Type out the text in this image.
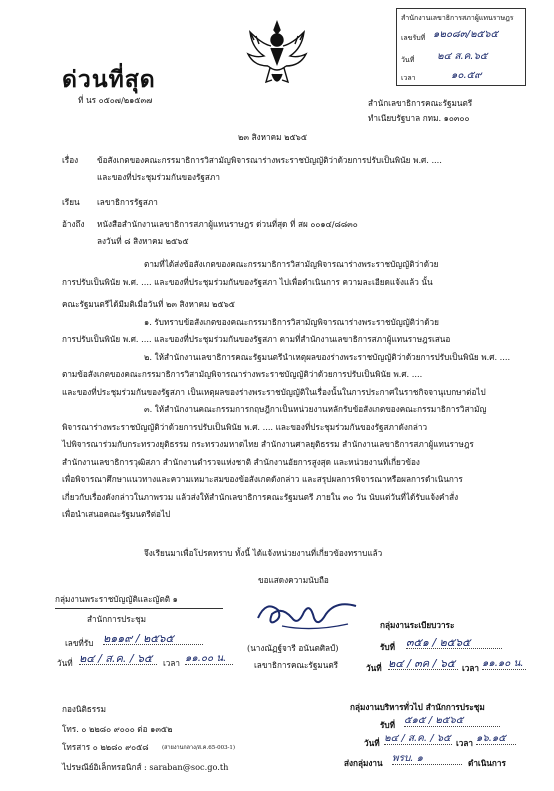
สำนักงานเลขาธิการสภาผู้แทนราษฎร
เลขรับที่ ๑๒๐๘๓/๒๕๖๕
วันที่ ๒๔ ส.ค.๖๕
เวลา	๑๐.๕๙
ด่วนที่สุด
ที่ นร ๐๕๐๗/๒๑๕๓๗	สำนักเลขาธิการคณะรัฐมนตรี
ทำเนียบรัฐบาล กทม. ๑๐๓๐๐
๒๓ สิงหาคม ๒๕๖๕
เรื่อง ข้อสังเกตของคณะกรรมาธิการวิสามัญพิจารณาร่างพระราชบัญญัติว่าด้วยการปรับเป็นพินัย พ.ศ. ....
และของที่ประชุมร่วมกันของรัฐสภา
เรียน เลขาธิการรัฐสภา
อ้างถึง หนังสือสำนักงานเลขาธิการสภาผู้แทนราษฎร ด่วนที่สุด ที่ สผ ๐๐๑๔/๘๘๓๐
ลงวันที่ ๘ สิงหาคม ๒๕๖๕
ตามที่ได้ส่งข้อสังเกตของคณะกรรมาธิการวิสามัญพิจารณาร่างพระราชบัญญัติว่าด้วย
การปรับเป็นพินัย พ.ศ. .... และของที่ประชุมร่วมกันของรัฐสภา ไปเพื่อดำเนินการ ความละเอียดแจ้งแล้ว นั้น
คณะรัฐมนตรีได้มีมติเมื่อวันที่ ๒๓ สิงหาคม ๒๕๖๕
๑. รับทราบข้อสังเกตของคณะกรรมาธิการวิสามัญพิจารณาร่างพระราชบัญญัติว่าด้วย
การปรับเป็นพินัย พ.ศ. .... และของที่ประชุมร่วมกันของรัฐสภา ตามที่สำนักงานเลขาธิการสภาผู้แทนราษฎรเสนอ
๒. ให้สำนักงานเลขาธิการคณะรัฐมนตรีนำเหตุผลของร่างพระราชบัญญัติว่าด้วยการปรับเป็นพินัย พ.ศ. ....
ตามข้อสังเกตของคณะกรรมาธิการวิสามัญพิจารณาร่างพระราชบัญญัติว่าด้วยการปรับเป็นพินัย พ.ศ. ....
และของที่ประชุมร่วมกันของรัฐสภา เป็นเหตุผลของร่างพระราชบัญญัติในเรื่องนั้นในการประกาศในราชกิจจานุเบกษาต่อไป
๓. ให้สำนักงานคณะกรรมการกฤษฎีกาเป็นหน่วยงานหลักรับข้อสังเกตของคณะกรรมาธิการวิสามัญ
พิจารณาร่างพระราชบัญญัติว่าด้วยการปรับเป็นพินัย พ.ศ. .... และของที่ประชุมร่วมกันของรัฐสภาดังกล่าว
ไปพิจารณาร่วมกับกระทรวงยุติธรรม กระทรวงมหาดไทย สำนักงานศาลยุติธรรม สำนักงานเลขาธิการสภาผู้แทนราษฎร
สำนักงานเลขาธิการวุฒิสภา สำนักงานตำรวจแห่งชาติ สำนักงานอัยการสูงสุด และหน่วยงานที่เกี่ยวข้อง
เพื่อพิจารณาศึกษาแนวทางและความเหมาะสมของข้อสังเกตดังกล่าว และสรุปผลการพิจารณาหรือผลการดำเนินการ
เกี่ยวกับเรื่องดังกล่าวในภาพรวม แล้วส่งให้สำนักเลขาธิการคณะรัฐมนตรี ภายใน ๓๐ วัน นับแต่วันที่ได้รับแจ้งคำสั่ง
เพื่อนำเสนอคณะรัฐมนตรีต่อไป
จึงเรียนมาเพื่อโปรดทราบ ทั้งนี้ ได้แจ้งหน่วยงานที่เกี่ยวข้องทราบแล้ว
ขอแสดงความนับถือ
(นางณัฏฐ์จารี อนันตศิลป์)
เลขาธิการคณะรัฐมนตรี
กลุ่มงานพระราชบัญญัติและญัตติ ๑
สำนักการประชุม
เลขที่รับ ๒๑๑๙ / ๒๕๖๕
วันที่ ๒๔ / ส.ค. / ๖๕	เวลา ๑๑.๐๐ น.
กลุ่มงานระเบียบวาระ
รับที่ ๓๕๑ / ๒๕๖๕
วันที่ ๒๔ / ๓ค / ๖๕ เวลา ๑๑.๑๐ น.
กลุ่มงานบริหารทั่วไป สำนักการประชุม
รับที่ ๕๑๕ / ๒๕๖๕
วันที่ ๒๔ / ส.ค. / ๖๕ เวลา ๑๖.๑๕
ส่งกลุ่มงาน พรบ. ๑	ดำเนินการ
กองนิติธรรม
โทร. ๐ ๒๒๘๐ ๙๐๐๐ ต่อ ๑๓๕๒
โทรสาร ๐ ๒๒๘๐ ๙๐๕๘ (สายงานกลาง/ส.ค.65-003-1)
ไปรษณีย์อิเล็กทรอนิกส์ : saraban@soc.go.th
